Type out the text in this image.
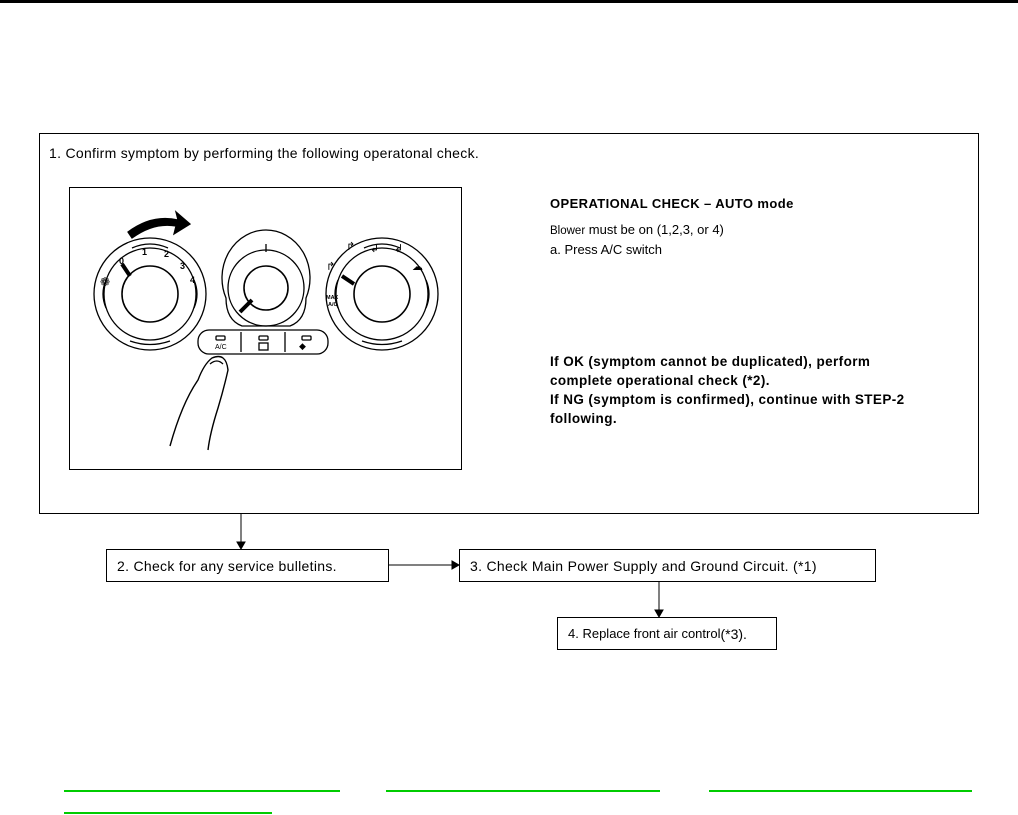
1. Confirm symptom by performing the following operatonal check.
❁
↱
↱ ↲ ↲
☁
◆
0
1 2
3
4
MAX
A/C
A/C
OPERATIONAL CHECK – AUTO mode
Blower must be on (1,2,3, or 4)
a. Press A/C switch
If OK (symptom cannot be duplicated), perform
complete operational check (*2).
If NG (symptom is confirmed), continue with STEP-2
following.
2. Check for any service bulletins.	3. Check Main Power Supply and Ground Circuit. (*1)
4. Replace front air control (*3).
